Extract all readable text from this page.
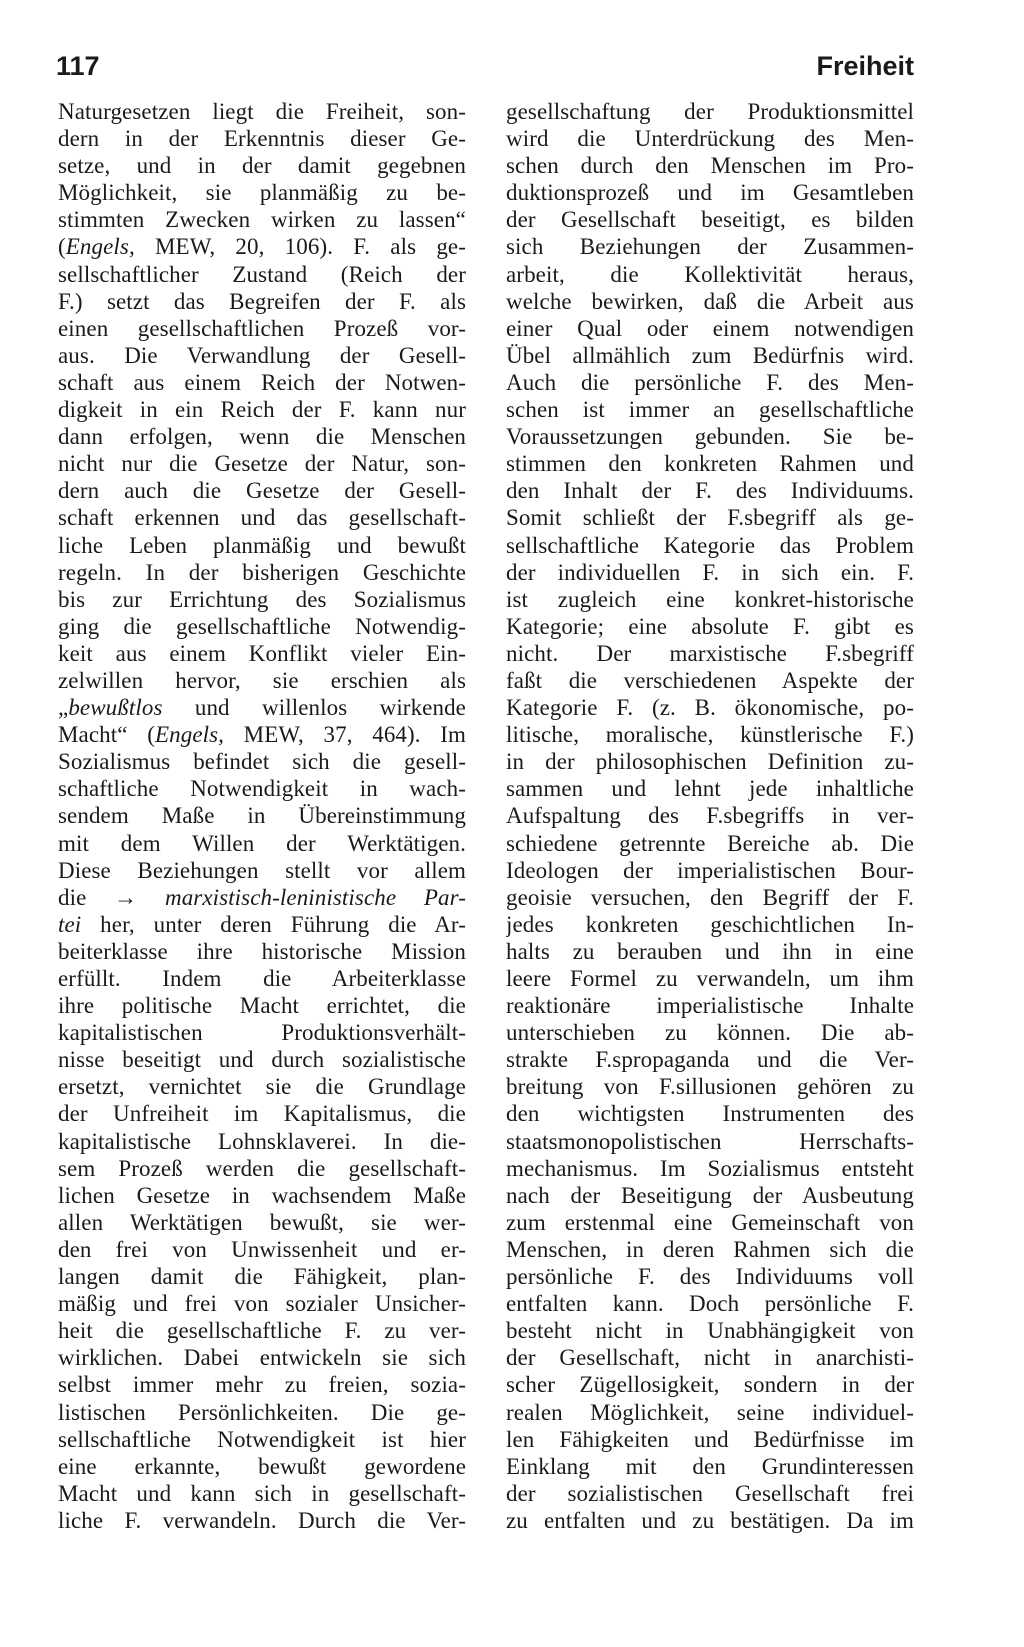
117	Freiheit
Naturgesetzen liegt die Freiheit, son-
dern in der Erkenntnis dieser Ge-
setze, und in der damit gegebnen
Möglichkeit, sie planmäßig zu be-
stimmten Zwecken wirken zu lassen“
(Engels, MEW, 20, 106). F. als ge-
sellschaftlicher Zustand (Reich der
F.) setzt das Begreifen der F. als
einen gesellschaftlichen Prozeß vor-
aus. Die Verwandlung der Gesell-
schaft aus einem Reich der Notwen-
digkeit in ein Reich der F. kann nur
dann erfolgen, wenn die Menschen
nicht nur die Gesetze der Natur, son-
dern auch die Gesetze der Gesell-
schaft erkennen und das gesellschaft-
liche Leben planmäßig und bewußt
regeln. In der bisherigen Geschichte
bis zur Errichtung des Sozialismus
ging die gesellschaftliche Notwendig-
keit aus einem Konflikt vieler Ein-
zelwillen hervor, sie erschien als
„bewußtlos und willenlos wirkende
Macht“ (Engels, MEW, 37, 464). Im
Sozialismus befindet sich die gesell-
schaftliche Notwendigkeit in wach-
sendem Maße in Übereinstimmung
mit dem Willen der Werktätigen.
Diese Beziehungen stellt vor allem
die → marxistisch-leninistische Par-
tei her, unter deren Führung die Ar-
beiterklasse ihre historische Mission
erfüllt. Indem die Arbeiterklasse
ihre politische Macht errichtet, die
kapitalistischen Produktionsverhält-
nisse beseitigt und durch sozialistische
ersetzt, vernichtet sie die Grundlage
der Unfreiheit im Kapitalismus, die
kapitalistische Lohnsklaverei. In die-
sem Prozeß werden die gesellschaft-
lichen Gesetze in wachsendem Maße
allen Werktätigen bewußt, sie wer-
den frei von Unwissenheit und er-
langen damit die Fähigkeit, plan-
mäßig und frei von sozialer Unsicher-
heit die gesellschaftliche F. zu ver-
wirklichen. Dabei entwickeln sie sich
selbst immer mehr zu freien, sozia-
listischen Persönlichkeiten. Die ge-
sellschaftliche Notwendigkeit ist hier
eine erkannte, bewußt gewordene
Macht und kann sich in gesellschaft-
liche F. verwandeln. Durch die Ver-
gesellschaftung der Produktionsmittel
wird die Unterdrückung des Men-
schen durch den Menschen im Pro-
duktionsprozeß und im Gesamtleben
der Gesellschaft beseitigt, es bilden
sich Beziehungen der Zusammen-
arbeit, die Kollektivität heraus,
welche bewirken, daß die Arbeit aus
einer Qual oder einem notwendigen
Übel allmählich zum Bedürfnis wird.
Auch die persönliche F. des Men-
schen ist immer an gesellschaftliche
Voraussetzungen gebunden. Sie be-
stimmen den konkreten Rahmen und
den Inhalt der F. des Individuums.
Somit schließt der F.sbegriff als ge-
sellschaftliche Kategorie das Problem
der individuellen F. in sich ein. F.
ist zugleich eine konkret-historische
Kategorie; eine absolute F. gibt es
nicht. Der marxistische F.sbegriff
faßt die verschiedenen Aspekte der
Kategorie F. (z. B. ökonomische, po-
litische, moralische, künstlerische F.)
in der philosophischen Definition zu-
sammen und lehnt jede inhaltliche
Aufspaltung des F.sbegriffs in ver-
schiedene getrennte Bereiche ab. Die
Ideologen der imperialistischen Bour-
geoisie versuchen, den Begriff der F.
jedes konkreten geschichtlichen In-
halts zu berauben und ihn in eine
leere Formel zu verwandeln, um ihm
reaktionäre imperialistische Inhalte
unterschieben zu können. Die ab-
strakte F.spropaganda und die Ver-
breitung von F.sillusionen gehören zu
den wichtigsten Instrumenten des
staatsmonopolistischen Herrschafts-
mechanismus. Im Sozialismus entsteht
nach der Beseitigung der Ausbeutung
zum erstenmal eine Gemeinschaft von
Menschen, in deren Rahmen sich die
persönliche F. des Individuums voll
entfalten kann. Doch persönliche F.
besteht nicht in Unabhängigkeit von
der Gesellschaft, nicht in anarchisti-
scher Zügellosigkeit, sondern in der
realen Möglichkeit, seine individuel-
len Fähigkeiten und Bedürfnisse im
Einklang mit den Grundinteressen
der sozialistischen Gesellschaft frei
zu entfalten und zu bestätigen. Da im
